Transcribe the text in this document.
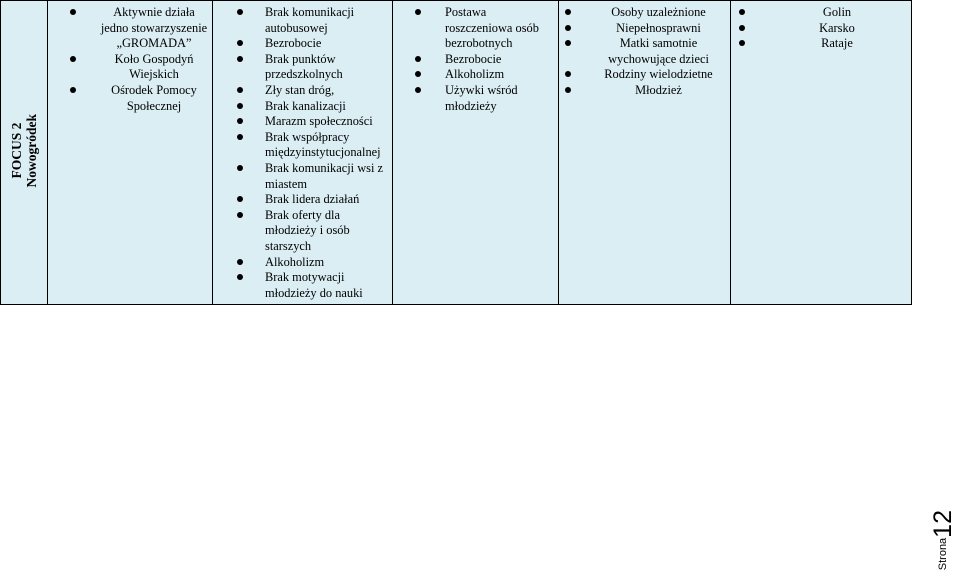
FOCUS 2 Nowogródek

Aktywnie działa jedno stowarzyszenie „GROMADA”
Koło Gospodyń Wiejskich
Ośrodek Pomocy Społecznej

Brak komunikacji autobusowej
Bezrobocie
Brak punktów przedszkolnych
Zły stan dróg,
Brak kanalizacji
Marazm społeczności
Brak współpracy międzyinstytucjonalnej
Brak komunikacji wsi z miastem
Brak lidera działań
Brak oferty dla młodzieży i osób starszych
Alkoholizm
Brak motywacji młodzieży do nauki

Postawa roszczeniowa osób bezrobotnych
Bezrobocie
Alkoholizm
Używki wśród młodzieży

Osoby uzależnione
Niepełnosprawni
Matki samotnie wychowujące dzieci
Rodziny wielodzietne
Młodzież

Golin
Karsko
Rataje
Strona12
